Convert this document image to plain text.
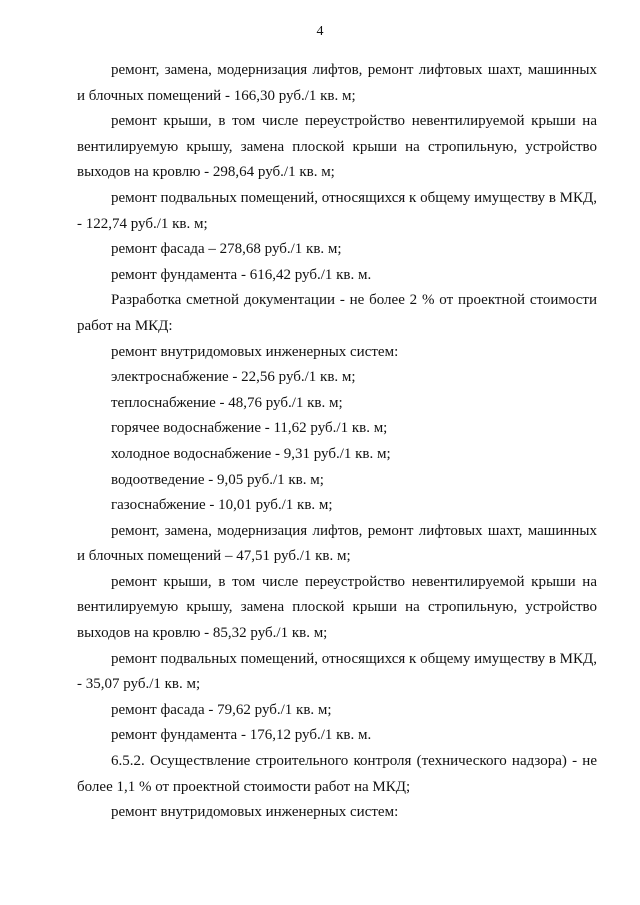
4

ремонт, замена, модернизация лифтов, ремонт лифтовых шахт, машинных
и блочных помещений - 166,30 руб./1 кв. м;

ремонт крыши, в том числе переустройство невентилируемой крыши на
вентилируемую крышу, замена плоской крыши на стропильную, устройство
выходов на кровлю - 298,64 руб./1 кв. м;

ремонт подвальных помещений, относящихся к общему имуществу в МКД,
- 122,74 руб./1 кв. м;

ремонт фасада – 278,68 руб./1 кв. м;

ремонт фундамента - 616,42 руб./1 кв. м.

Разработка сметной документации - не более 2 % от проектной стоимости
работ на МКД:

ремонт внутридомовых инженерных систем:

электроснабжение - 22,56 руб./1 кв. м;

теплоснабжение - 48,76 руб./1 кв. м;

горячее водоснабжение - 11,62 руб./1 кв. м;

холодное водоснабжение - 9,31 руб./1 кв. м;

водоотведение - 9,05 руб./1 кв. м;

газоснабжение - 10,01 руб./1 кв. м;

ремонт, замена, модернизация лифтов, ремонт лифтовых шахт, машинных
и блочных помещений – 47,51 руб./1 кв. м;

ремонт крыши, в том числе переустройство невентилируемой крыши на
вентилируемую крышу, замена плоской крыши на стропильную, устройство
выходов на кровлю - 85,32 руб./1 кв. м;

ремонт подвальных помещений, относящихся к общему имуществу в МКД,
- 35,07 руб./1 кв. м;

ремонт фасада - 79,62 руб./1 кв. м;

ремонт фундамента - 176,12 руб./1 кв. м.

6.5.2. Осуществление строительного контроля (технического надзора) - не
более 1,1 % от проектной стоимости работ на МКД;

ремонт внутридомовых инженерных систем:
